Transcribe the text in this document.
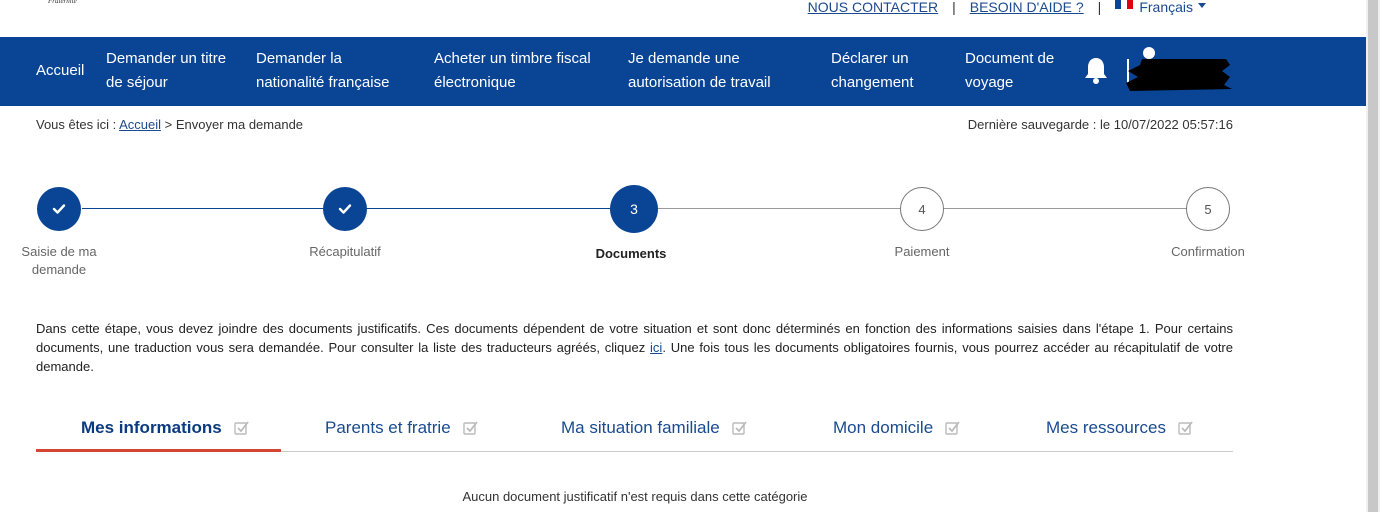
Fraternité	NOUS CONTACTER | BESOIN D'AIDE ? |	Français
Accueil
Demander un titre
de séjour
Demander la
nationalité française
Acheter un timbre fiscal
électronique
Je demande une
autorisation de travail
Déclarer un
changement
Document de
voyage
Vous êtes ici : Accueil > Envoyer ma demande	Dernière sauvegarde : le 10/07/2022 05:57:16
3	4	5
Saisie de ma
demande
Récapitulatif	Documents	Paiement	Confirmation

Dans cette étape, vous devez joindre des documents justificatifs. Ces documents dépendent de votre situation et sont donc déterminés en fonction des informations saisies dans l'étape 1. Pour certains documents, une traduction vous sera demandée. Pour consulter la liste des traducteurs agréés, cliquez ici. Une fois tous les documents obligatoires fournis, vous pourrez accéder au récapitulatif de votre demande.

Mes informations	Parents et fratrie	Ma situation familiale	Mon domicile	Mes ressources
Aucun document justificatif n'est requis dans cette catégorie
